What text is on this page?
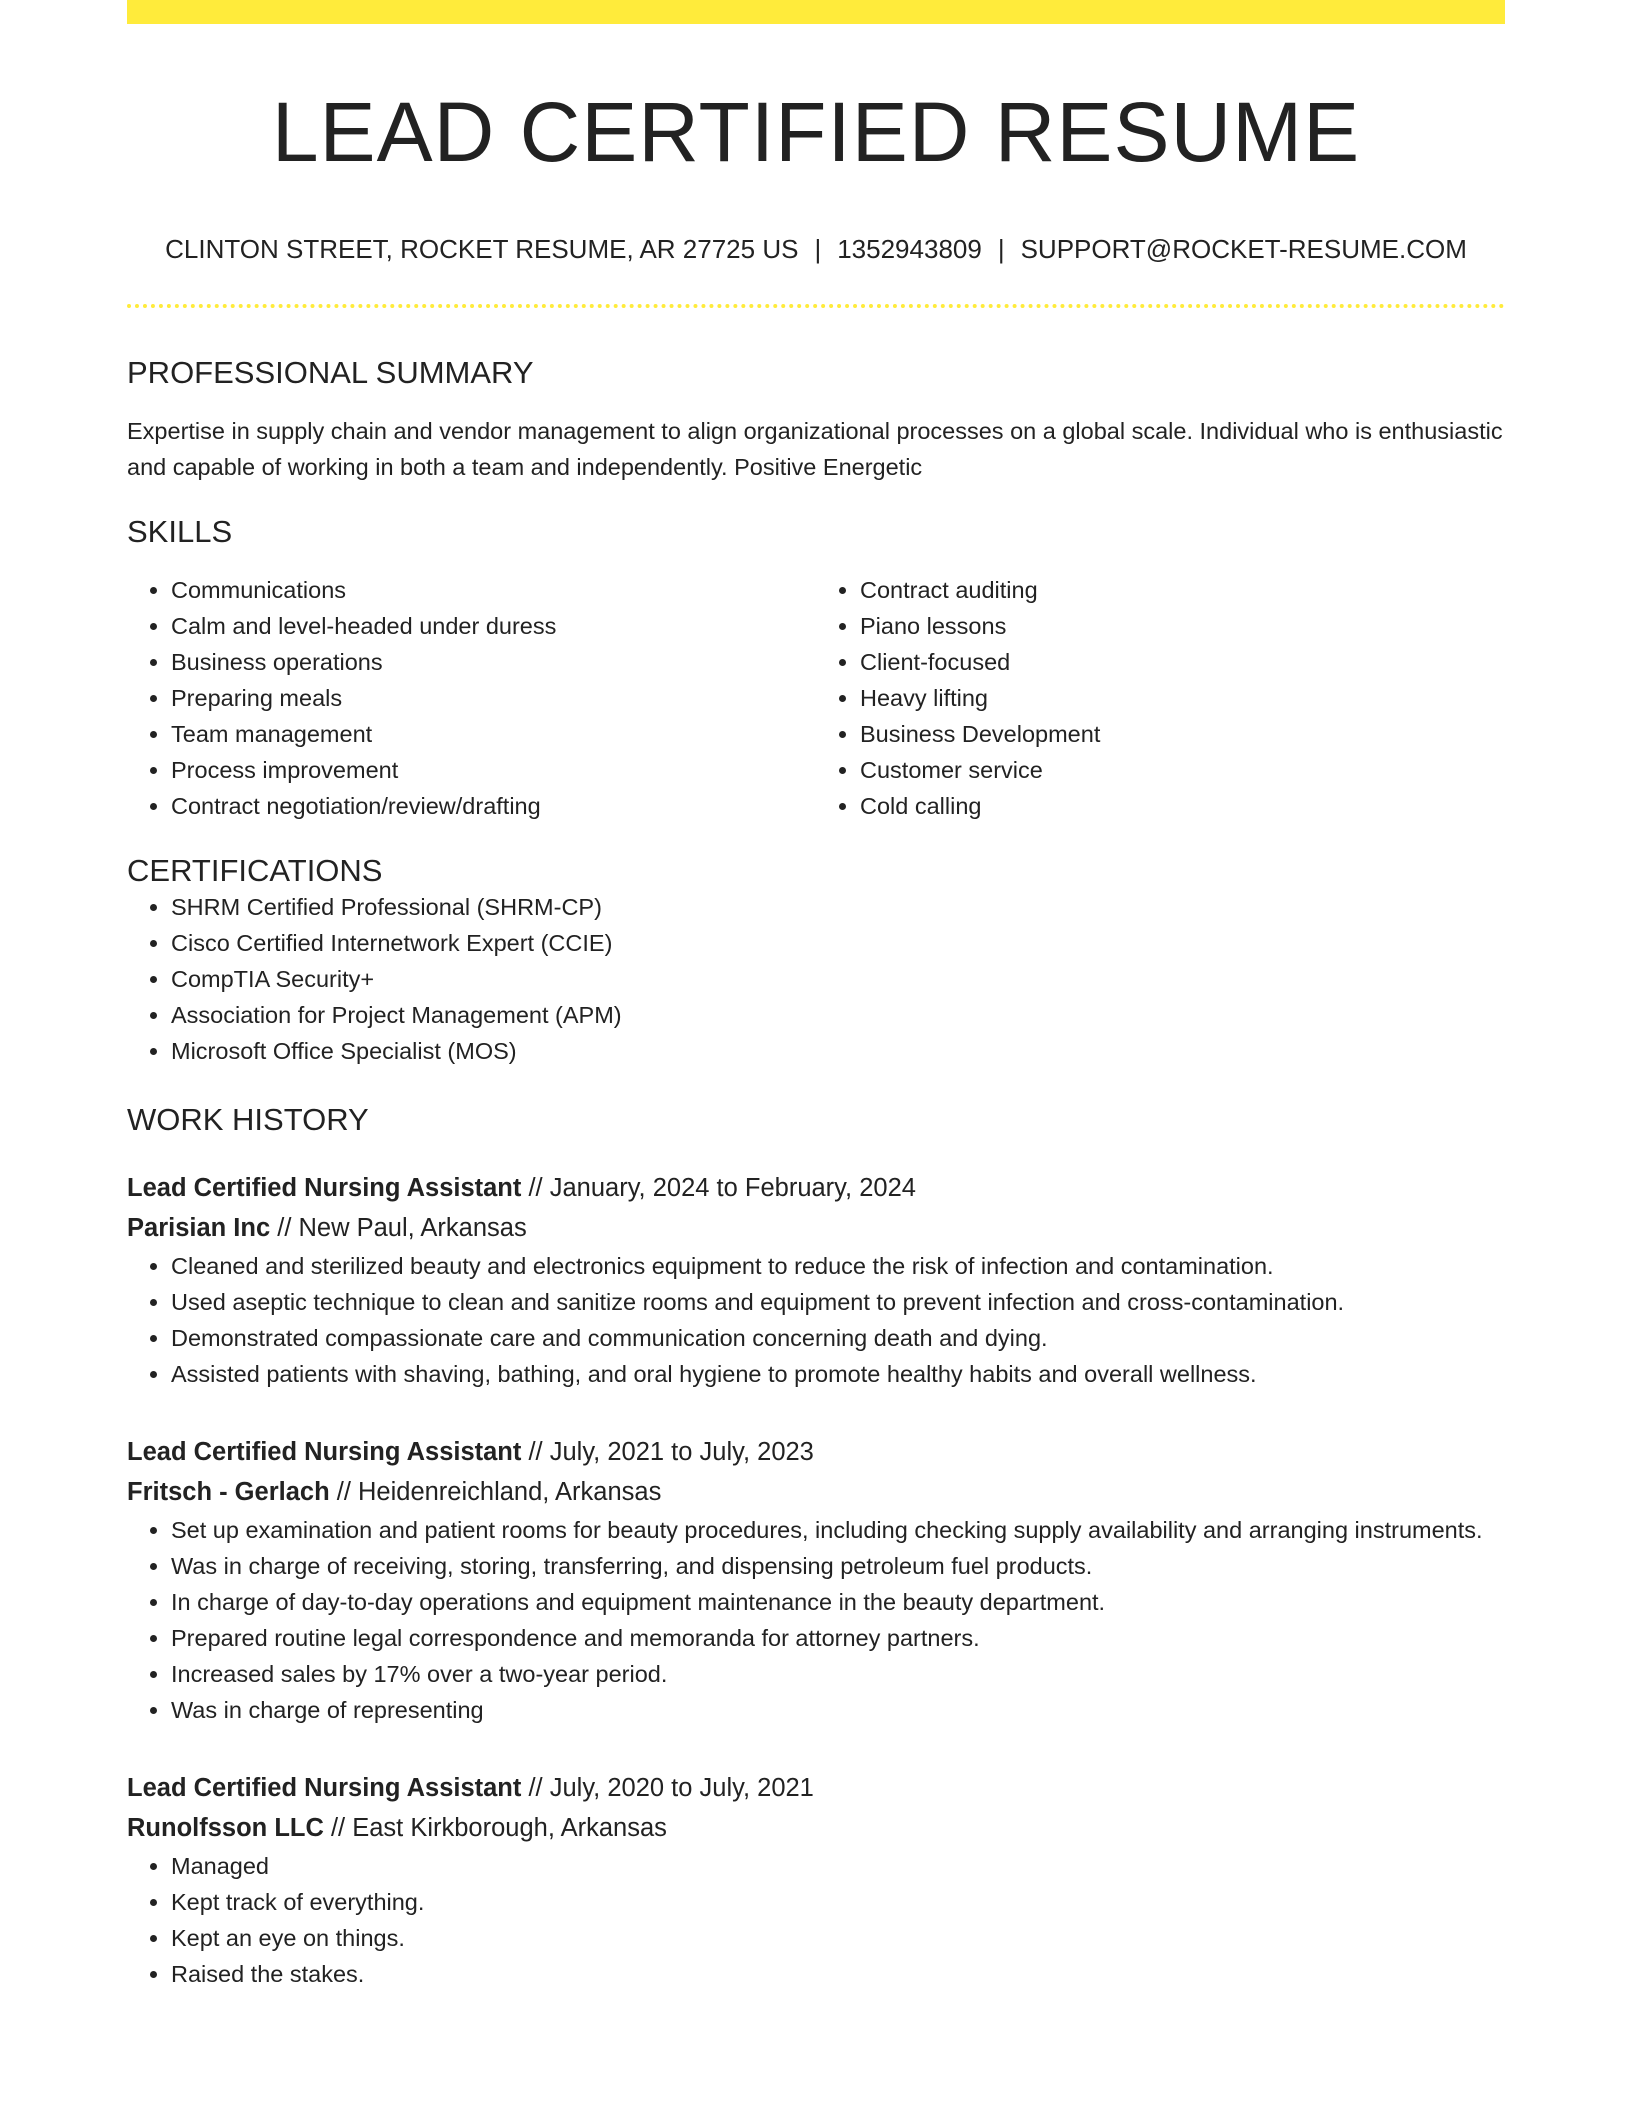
LEAD CERTIFIED RESUME
CLINTON STREET, ROCKET RESUME, AR 27725 US | 1352943809 | SUPPORT@ROCKET-RESUME.COM
PROFESSIONAL SUMMARY
Expertise in supply chain and vendor management to align organizational processes on a global scale. Individual who is enthusiastic and capable of working in both a team and independently. Positive Energetic
SKILLS
• Communications
• Calm and level-headed under duress
• Business operations
• Preparing meals
• Team management
• Process improvement
• Contract negotiation/review/drafting
• Contract auditing
• Piano lessons
• Client-focused
• Heavy lifting
• Business Development
• Customer service
• Cold calling
CERTIFICATIONS
• SHRM Certified Professional (SHRM-CP)
• Cisco Certified Internetwork Expert (CCIE)
• CompTIA Security+
• Association for Project Management (APM)
• Microsoft Office Specialist (MOS)
WORK HISTORY
Lead Certified Nursing Assistant // January, 2024 to February, 2024
Parisian Inc // New Paul, Arkansas
• Cleaned and sterilized beauty and electronics equipment to reduce the risk of infection and contamination.
• Used aseptic technique to clean and sanitize rooms and equipment to prevent infection and cross-contamination.
• Demonstrated compassionate care and communication concerning death and dying.
• Assisted patients with shaving, bathing, and oral hygiene to promote healthy habits and overall wellness.
Lead Certified Nursing Assistant // July, 2021 to July, 2023
Fritsch - Gerlach // Heidenreichland, Arkansas
• Set up examination and patient rooms for beauty procedures, including checking supply availability and arranging instruments.
• Was in charge of receiving, storing, transferring, and dispensing petroleum fuel products.
• In charge of day-to-day operations and equipment maintenance in the beauty department.
• Prepared routine legal correspondence and memoranda for attorney partners.
• Increased sales by 17% over a two-year period.
• Was in charge of representing
Lead Certified Nursing Assistant // July, 2020 to July, 2021
Runolfsson LLC // East Kirkborough, Arkansas
• Managed
• Kept track of everything.
• Kept an eye on things.
• Raised the stakes.
